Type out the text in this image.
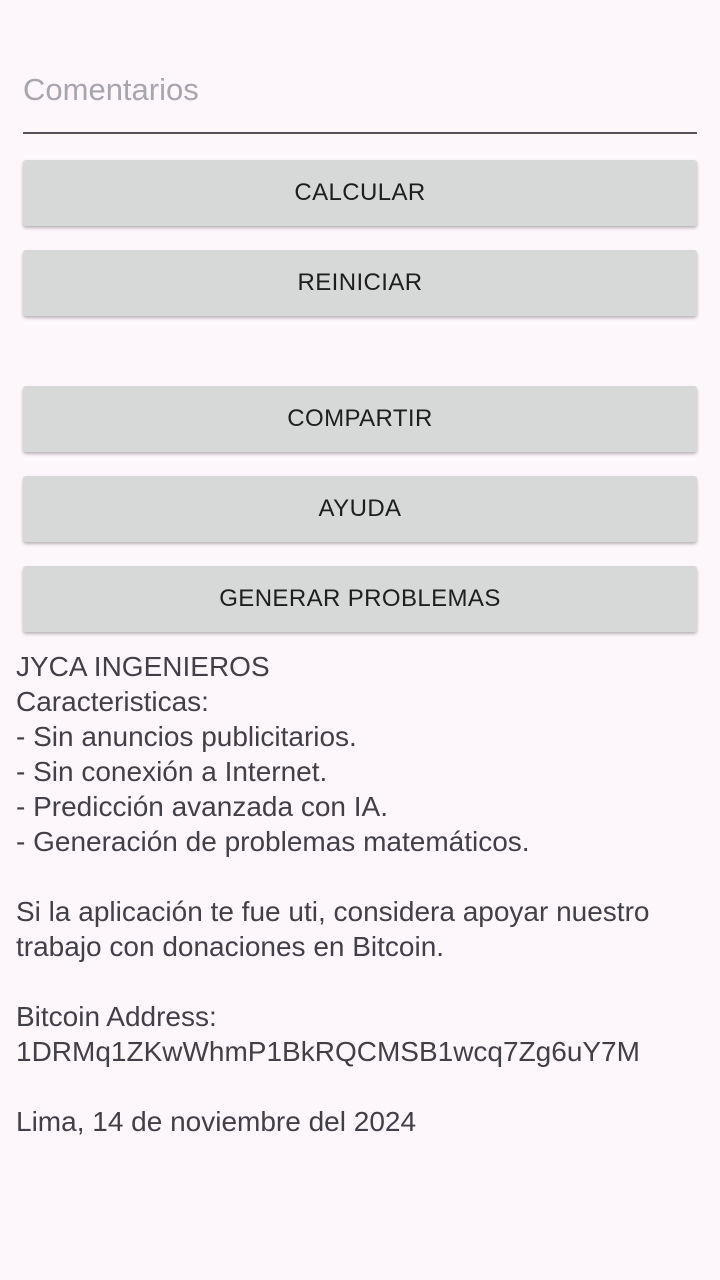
Comentarios
CALCULAR
REINICIAR
COMPARTIR
AYUDA
GENERAR PROBLEMAS

JYCA INGENIEROS

Caracteristicas:

- Sin anuncios publicitarios.

- Sin conexión a Internet.

- Predicción avanzada con IA.

- Generación de problemas matemáticos.

Si la aplicación te fue uti, considera apoyar nuestro

trabajo con donaciones en Bitcoin.

Bitcoin Address:

1DRMq1ZKwWhmP1BkRQCMSB1wcq7Zg6uY7M

Lima, 14 de noviembre del 2024
